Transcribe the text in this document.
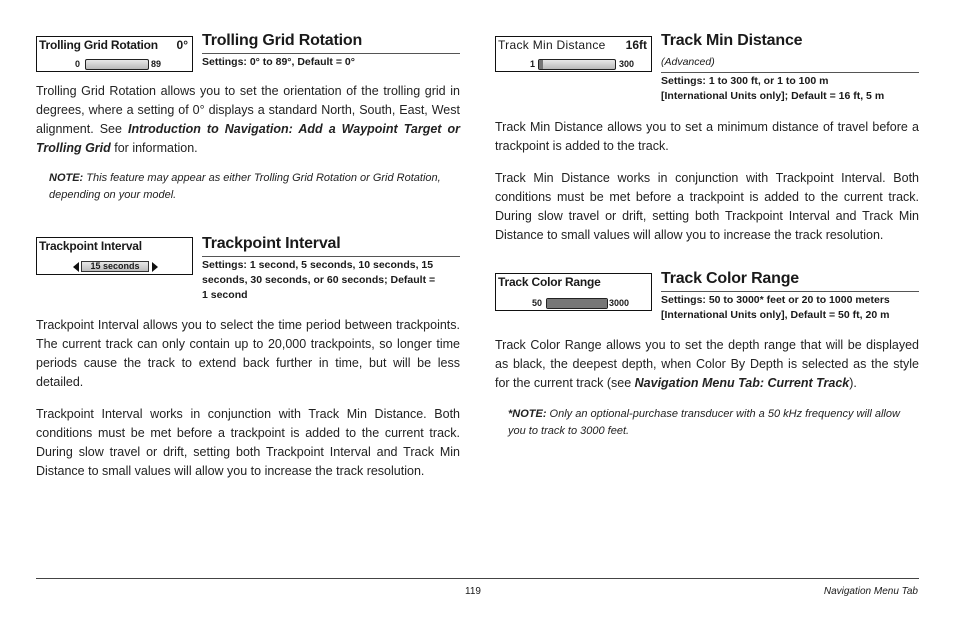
Trolling Grid Rotation 0°
0	89
Trolling Grid Rotation
Settings: 0° to 89°, Default = 0°
Trolling Grid Rotation allows you to set the orientation of the trolling grid in degrees, where a setting of 0° displays a standard North, South, East, West alignment. See Introduction to Navigation: Add a Waypoint Target or Trolling Grid for information.
NOTE: This feature may appear as either Trolling Grid Rotation or Grid Rotation, depending on your model.
Trackpoint Interval
15 seconds
Trackpoint Interval
Settings: 1 second, 5 seconds, 10 seconds, 15 seconds, 30 seconds, or 60 seconds; Default = 1 second
Trackpoint Interval allows you to select the time period between trackpoints. The current track can only contain up to 20,000 trackpoints, so longer time periods cause the track to extend back further in time, but will be less detailed.
Trackpoint Interval works in conjunction with Track Min Distance. Both conditions must be met before a trackpoint is added to the current track. During slow travel or drift, setting both Trackpoint Interval and Track Min Distance to small values will allow you to increase the track resolution.
Track Min Distance 16ft
1	300
Track Min Distance
(Advanced)
Settings: 1 to 300 ft, or 1 to 100 m
[International Units only]; Default = 16 ft, 5 m
Track Min Distance allows you to set a minimum distance of travel before a trackpoint is added to the track.
Track Min Distance works in conjunction with Trackpoint Interval. Both conditions must be met before a trackpoint is added to the current track. During slow travel or drift, setting both Trackpoint Interval and Track Min Distance to small values will allow you to increase the track resolution.
Track Color Range
50	3000
Track Color Range
Settings: 50 to 3000* feet or 20 to 1000 meters
[International Units only], Default = 50 ft, 20 m
Track Color Range allows you to set the depth range that will be displayed as black, the deepest depth, when Color By Depth is selected as the style for the current track (see Navigation Menu Tab: Current Track).
*NOTE: Only an optional-purchase transducer with a 50 kHz frequency will allow you to track to 3000 feet.
119	Navigation Menu Tab
